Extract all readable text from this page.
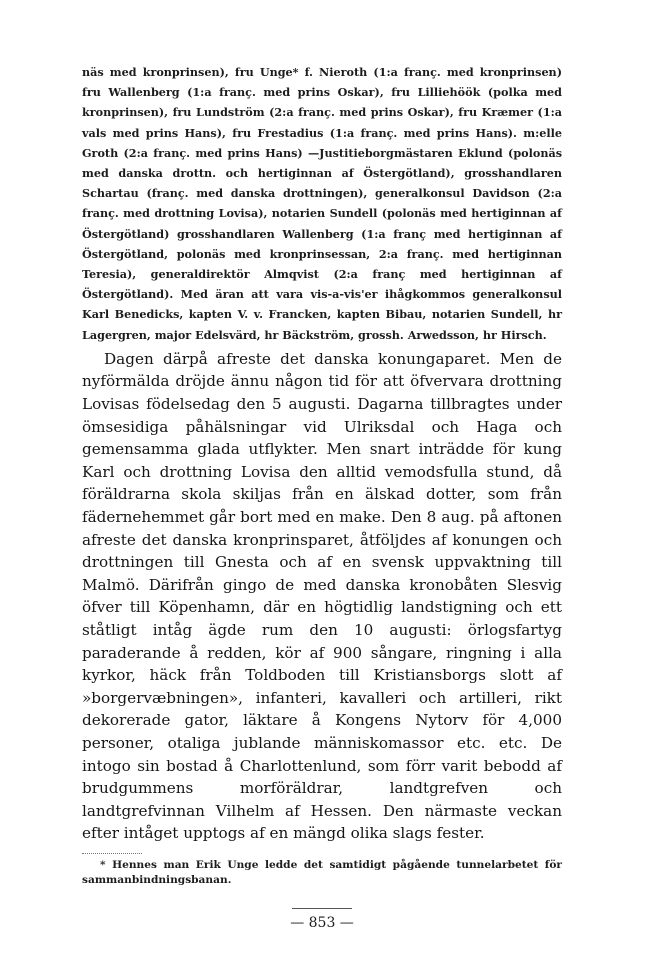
näs med kronprinsen), fru Unge* f. Nieroth (1:a franç. med kronprinsen) fru Wallenberg (1:a franç. med prins Oskar), fru Lilliehöök (polka med kronprinsen), fru Lundström (2:a franç. med prins Oskar), fru Kræmer (1:a vals med prins Hans), fru Frestadius (1:a franç. med prins Hans). m:elle Groth (2:a franç. med prins Hans) —Justitieborgmästaren Eklund (polonäs med danska drottn. och hertiginnan af Östergötland), grosshandlaren Schartau (franç. med danska drottningen), generalkonsul Davidson (2:a franç. med drottning Lovisa), notarien Sundell (polonäs med hertiginnan af Östergötland) grosshandlaren Wallenberg (1:a franç med hertiginnan af Östergötland, polonäs med kronprinsessan, 2:a franç. med hertiginnan Teresia), generaldirektör Almqvist (2:a franç med hertiginnan af Östergötland). Med äran att vara vis-a-vis'er ihågkommos generalkonsul Karl Benedicks, kapten V. v. Francken, kapten Bibau, notarien Sundell, hr Lagergren, major Edelsvärd, hr Bäckström, grossh. Arwedsson, hr Hirsch.

Dagen därpå afreste det danska konungaparet. Men de nyförmälda dröjde ännu någon tid för att öfvervara drottning Lovisas födelsedag den 5 augusti. Dagarna tillbragtes under ömsesidiga påhälsningar vid Ulriksdal och Haga och gemensamma glada utflykter. Men snart inträdde för kung Karl och drottning Lovisa den alltid vemodsfulla stund, då föräldrarna skola skiljas från en älskad dotter, som från fädernehemmet går bort med en make. Den 8 aug. på aftonen afreste det danska kronprinsparet, åtföljdes af konungen och drottningen till Gnesta och af en svensk uppvaktning till Malmö. Därifrån gingo de med danska kronobåten Slesvig öfver till Köpenhamn, där en högtidlig landstigning och ett ståtligt intåg ägde rum den 10 augusti: örlogsfartyg paraderande å redden, kör af 900 sångare, ringning i alla kyrkor, häck från Toldboden till Kristiansborgs slott af »borgervæbningen», infanteri, kavalleri och artilleri, rikt dekorerade gator, läktare å Kongens Nytorv för 4,000 personer, otaliga jublande människomassor etc. etc. De intogo sin bostad å Charlottenlund, som förr varit bebodd af brudgummens morföräldrar, landtgrefven och landtgrefvinnan Vilhelm af Hessen. Den närmaste veckan efter intåget upptogs af en mängd olika slags fester.

* Hennes man Erik Unge ledde det samtidigt pågående tunnelarbetet för sammanbindningsbanan.

— 853 —
